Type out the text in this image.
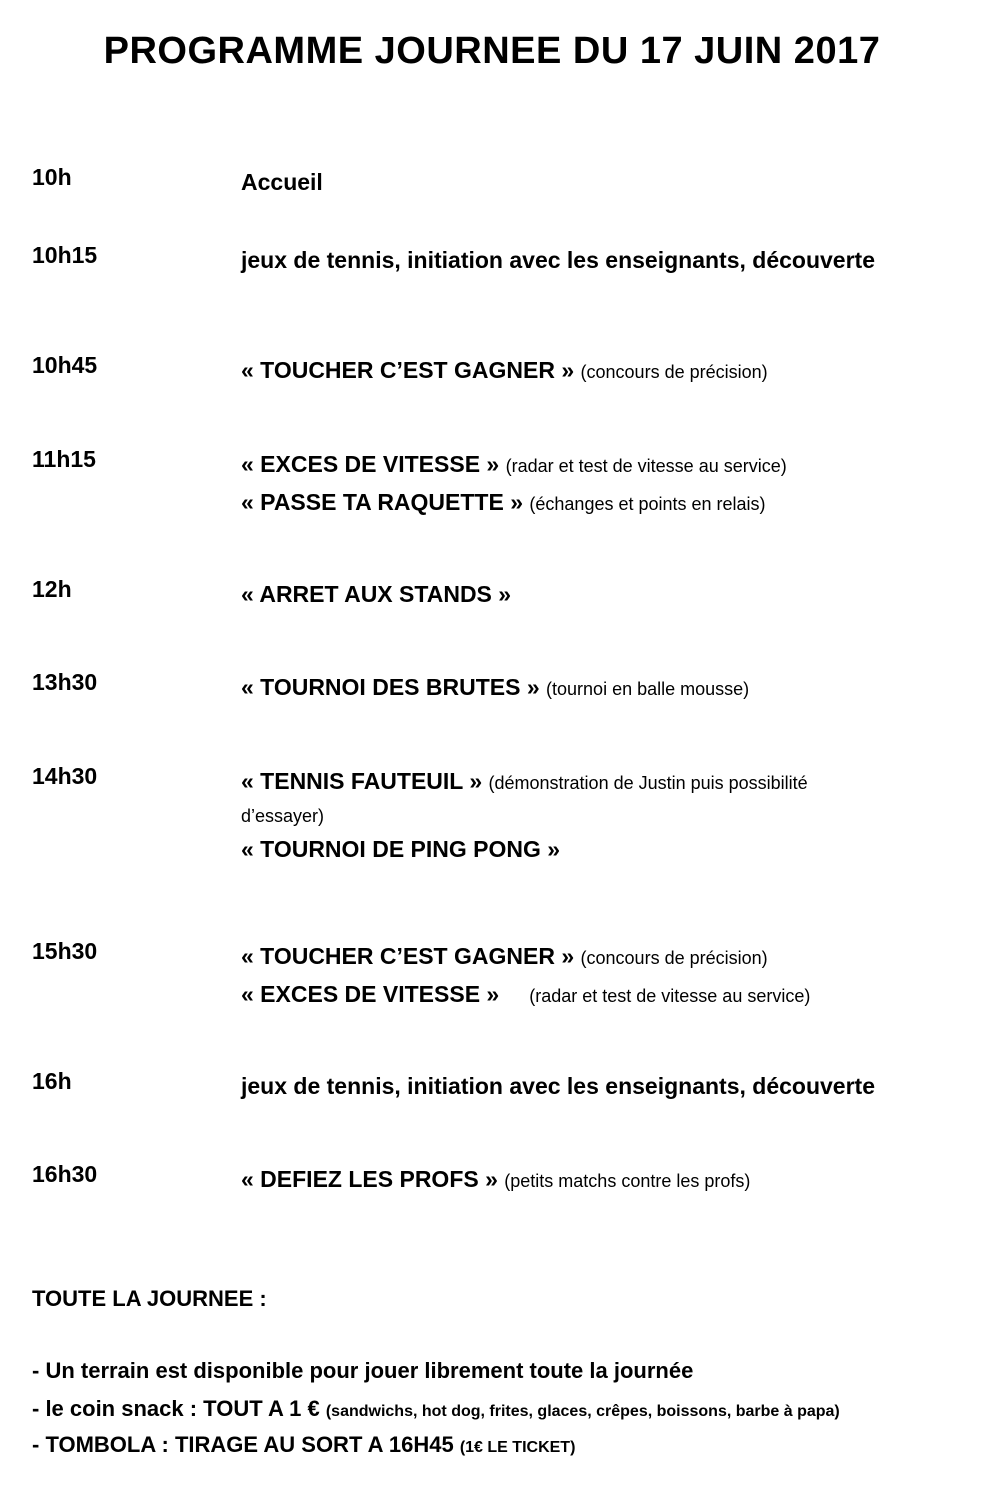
PROGRAMME JOURNEE DU 17 JUIN 2017
10h	Accueil
10h15	jeux de tennis, initiation avec les enseignants, découverte
10h45	« TOUCHER C’EST GAGNER » (concours de précision)
11h15	« EXCES DE VITESSE » (radar et test de vitesse au service)
« PASSE TA RAQUETTE » (échanges et points en relais)
12h	« ARRET AUX STANDS »
13h30	« TOURNOI DES BRUTES » (tournoi en balle mousse)
14h30	« TENNIS FAUTEUIL » (démonstration de Justin puis possibilité
d’essayer)
« TOURNOI DE PING PONG »
15h30	« TOUCHER C’EST GAGNER » (concours de précision)
« EXCES DE VITESSE » (radar et test de vitesse au service)
16h	jeux de tennis, initiation avec les enseignants, découverte
16h30	« DEFIEZ LES PROFS » (petits matchs contre les profs)
TOUTE LA JOURNEE :
- Un terrain est disponible pour jouer librement toute la journée
- le coin snack : TOUT A 1 € (sandwichs, hot dog, frites, glaces, crêpes, boissons, barbe à papa)
- TOMBOLA : TIRAGE AU SORT A 16H45 (1€ LE TICKET)
